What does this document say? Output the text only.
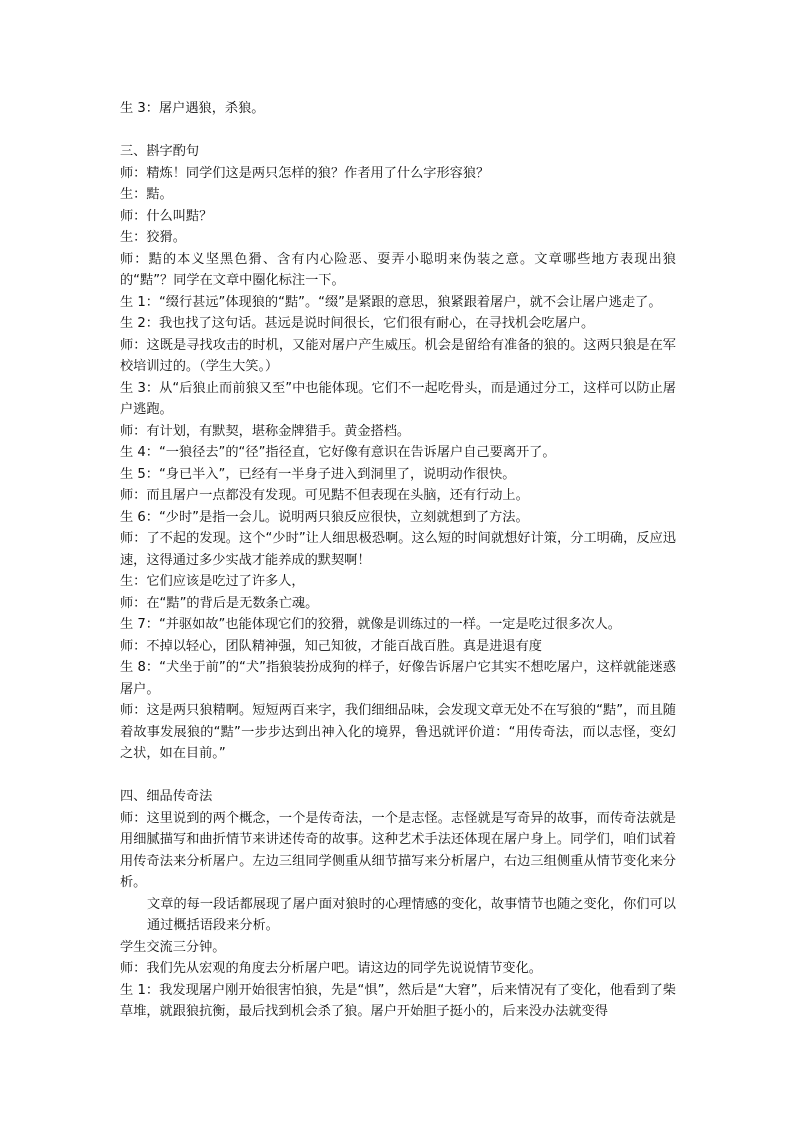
生 3：屠户遇狼，杀狼。

三、斟字酌句

师：精炼！同学们这是两只怎样的狼？作者用了什么字形容狼？

生：黠。

师：什么叫黠？

生：狡猾。

师：黠的本义坚黑色猾、含有内心险恶、耍弄小聪明来伪装之意。文章哪些地方表现出狼的“黠”？同学在文章中圈化标注一下。

生 1：“缀行甚远”体现狼的“黠”。“缀”是紧跟的意思，狼紧跟着屠户，就不会让屠户逃走了。

生 2：我也找了这句话。甚远是说时间很长，它们很有耐心，在寻找机会吃屠户。

师：这既是寻找攻击的时机，又能对屠户产生威压。机会是留给有准备的狼的。这两只狼是在军校培训过的。（学生大笑。）

生 3：从“后狼止而前狼又至”中也能体现。它们不一起吃骨头，而是通过分工，这样可以防止屠户逃跑。

师：有计划，有默契，堪称金牌猎手。黄金搭档。

生 4：“一狼径去”的“径”指径直，它好像有意识在告诉屠户自己要离开了。

生 5：“身已半入”，已经有一半身子进入到洞里了，说明动作很快。

师：而且屠户一点都没有发现。可见黠不但表现在头脑，还有行动上。

生 6：“少时”是指一会儿。说明两只狼反应很快，立刻就想到了方法。

师：了不起的发现。这个“少时”让人细思极恐啊。这么短的时间就想好计策，分工明确，反应迅速，这得通过多少实战才能养成的默契啊！

生：它们应该是吃过了许多人，

师：在“黠”的背后是无数条亡魂。

生 7：“并驱如故”也能体现它们的狡猾，就像是训练过的一样。一定是吃过很多次人。

师：不掉以轻心，团队精神强，知己知彼，才能百战百胜。真是进退有度

生 8：“犬坐于前”的“犬”指狼装扮成狗的样子，好像告诉屠户它其实不想吃屠户，这样就能迷惑屠户。

师：这是两只狼精啊。短短两百来字，我们细细品味，会发现文章无处不在写狼的“黠”，而且随着故事发展狼的“黠”一步步达到出神入化的境界，鲁迅就评价道：“用传奇法，而以志怪，变幻之状，如在目前。”

四、细品传奇法

师：这里说到的两个概念，一个是传奇法，一个是志怪。志怪就是写奇异的故事，而传奇法就是用细腻描写和曲折情节来讲述传奇的故事。这种艺术手法还体现在屠户身上。同学们，咱们试着用传奇法来分析屠户。左边三组同学侧重从细节描写来分析屠户，右边三组侧重从情节变化来分析。

文章的每一段话都展现了屠户面对狼时的心理情感的变化，故事情节也随之变化，你们可以通过概括语段来分析。

学生交流三分钟。

师：我们先从宏观的角度去分析屠户吧。请这边的同学先说说情节变化。

生 1：我发现屠户刚开始很害怕狼，先是“惧”，然后是“大窘”，后来情况有了变化，他看到了柴草堆，就跟狼抗衡，最后找到机会杀了狼。屠户开始胆子挺小的，后来没办法就变得
